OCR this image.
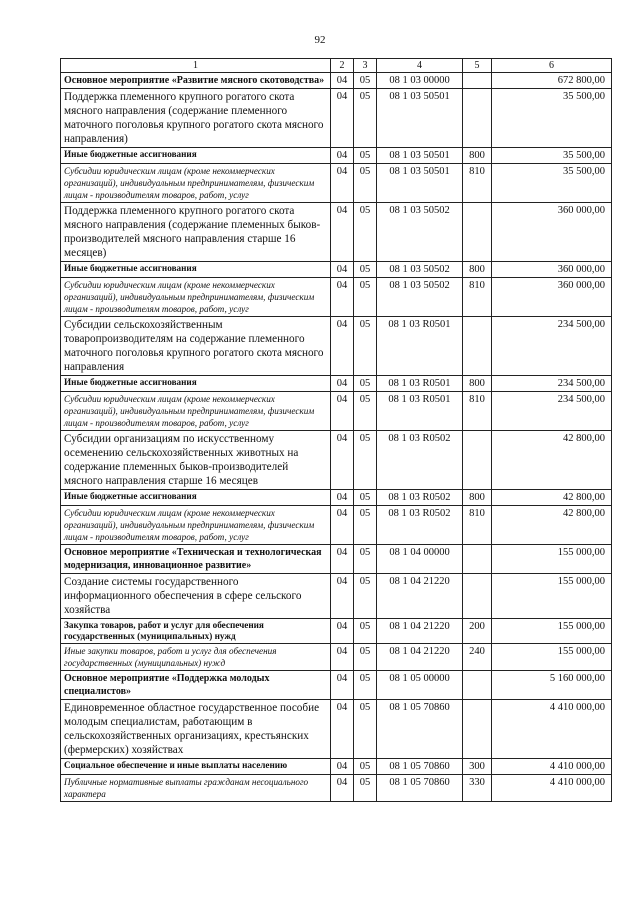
92
1	2	3	4	5	6
Основное мероприятие «Развитие мясного скотоводства»	04	05	08 1 03 00000		672 800,00
Поддержка племенного крупного рогатого скота мясного направления (содержание племенного маточного поголовья крупного рогатого скота мясного направления)	04	05	08 1 03 50501		35 500,00
Иные бюджетные ассигнования	04	05	08 1 03 50501	800	35 500,00
Субсидии юридическим лицам (кроме некоммерческих организаций), индивидуальным предпринимателям, физическим лицам - производителям товаров, работ, услуг	04	05	08 1 03 50501	810	35 500,00
Поддержка племенного крупного рогатого скота мясного направления (содержание племенных быков-производителей мясного направления старше 16 месяцев)	04	05	08 1 03 50502		360 000,00
Иные бюджетные ассигнования	04	05	08 1 03 50502	800	360 000,00
Субсидии юридическим лицам (кроме некоммерческих организаций), индивидуальным предпринимателям, физическим лицам - производителям товаров, работ, услуг	04	05	08 1 03 50502	810	360 000,00
Субсидии сельскохозяйственным товаропроизводителям на содержание племенного маточного поголовья крупного рогатого скота мясного направления	04	05	08 1 03 R0501		234 500,00
Иные бюджетные ассигнования	04	05	08 1 03 R0501	800	234 500,00
Субсидии юридическим лицам (кроме некоммерческих организаций), индивидуальным предпринимателям, физическим лицам - производителям товаров, работ, услуг	04	05	08 1 03 R0501	810	234 500,00
Субсидии организациям по искусственному осеменению сельскохозяйственных животных на содержание племенных быков-производителей мясного направления старше 16 месяцев	04	05	08 1 03 R0502		42 800,00
Иные бюджетные ассигнования	04	05	08 1 03 R0502	800	42 800,00
Субсидии юридическим лицам (кроме некоммерческих организаций), индивидуальным предпринимателям, физическим лицам - производителям товаров, работ, услуг	04	05	08 1 03 R0502	810	42 800,00
Основное мероприятие «Техническая и технологическая модернизация, инновационное развитие»	04	05	08 1 04 00000		155 000,00
Создание системы государственного информационного обеспечения в сфере сельского хозяйства	04	05	08 1 04 21220		155 000,00
Закупка товаров, работ и услуг для обеспечения государственных (муниципальных) нужд	04	05	08 1 04 21220	200	155 000,00
Иные закупки товаров, работ и услуг для обеспечения государственных (муниципальных) нужд	04	05	08 1 04 21220	240	155 000,00
Основное мероприятие «Поддержка молодых специалистов»	04	05	08 1 05 00000		5 160 000,00
Единовременное областное государственное пособие молодым специалистам, работающим в сельскохозяйственных организациях, крестьянских (фермерских) хозяйствах	04	05	08 1 05 70860		4 410 000,00
Социальное обеспечение и иные выплаты населению	04	05	08 1 05 70860	300	4 410 000,00
Публичные нормативные выплаты гражданам несоциального характера	04	05	08 1 05 70860	330	4 410 000,00
